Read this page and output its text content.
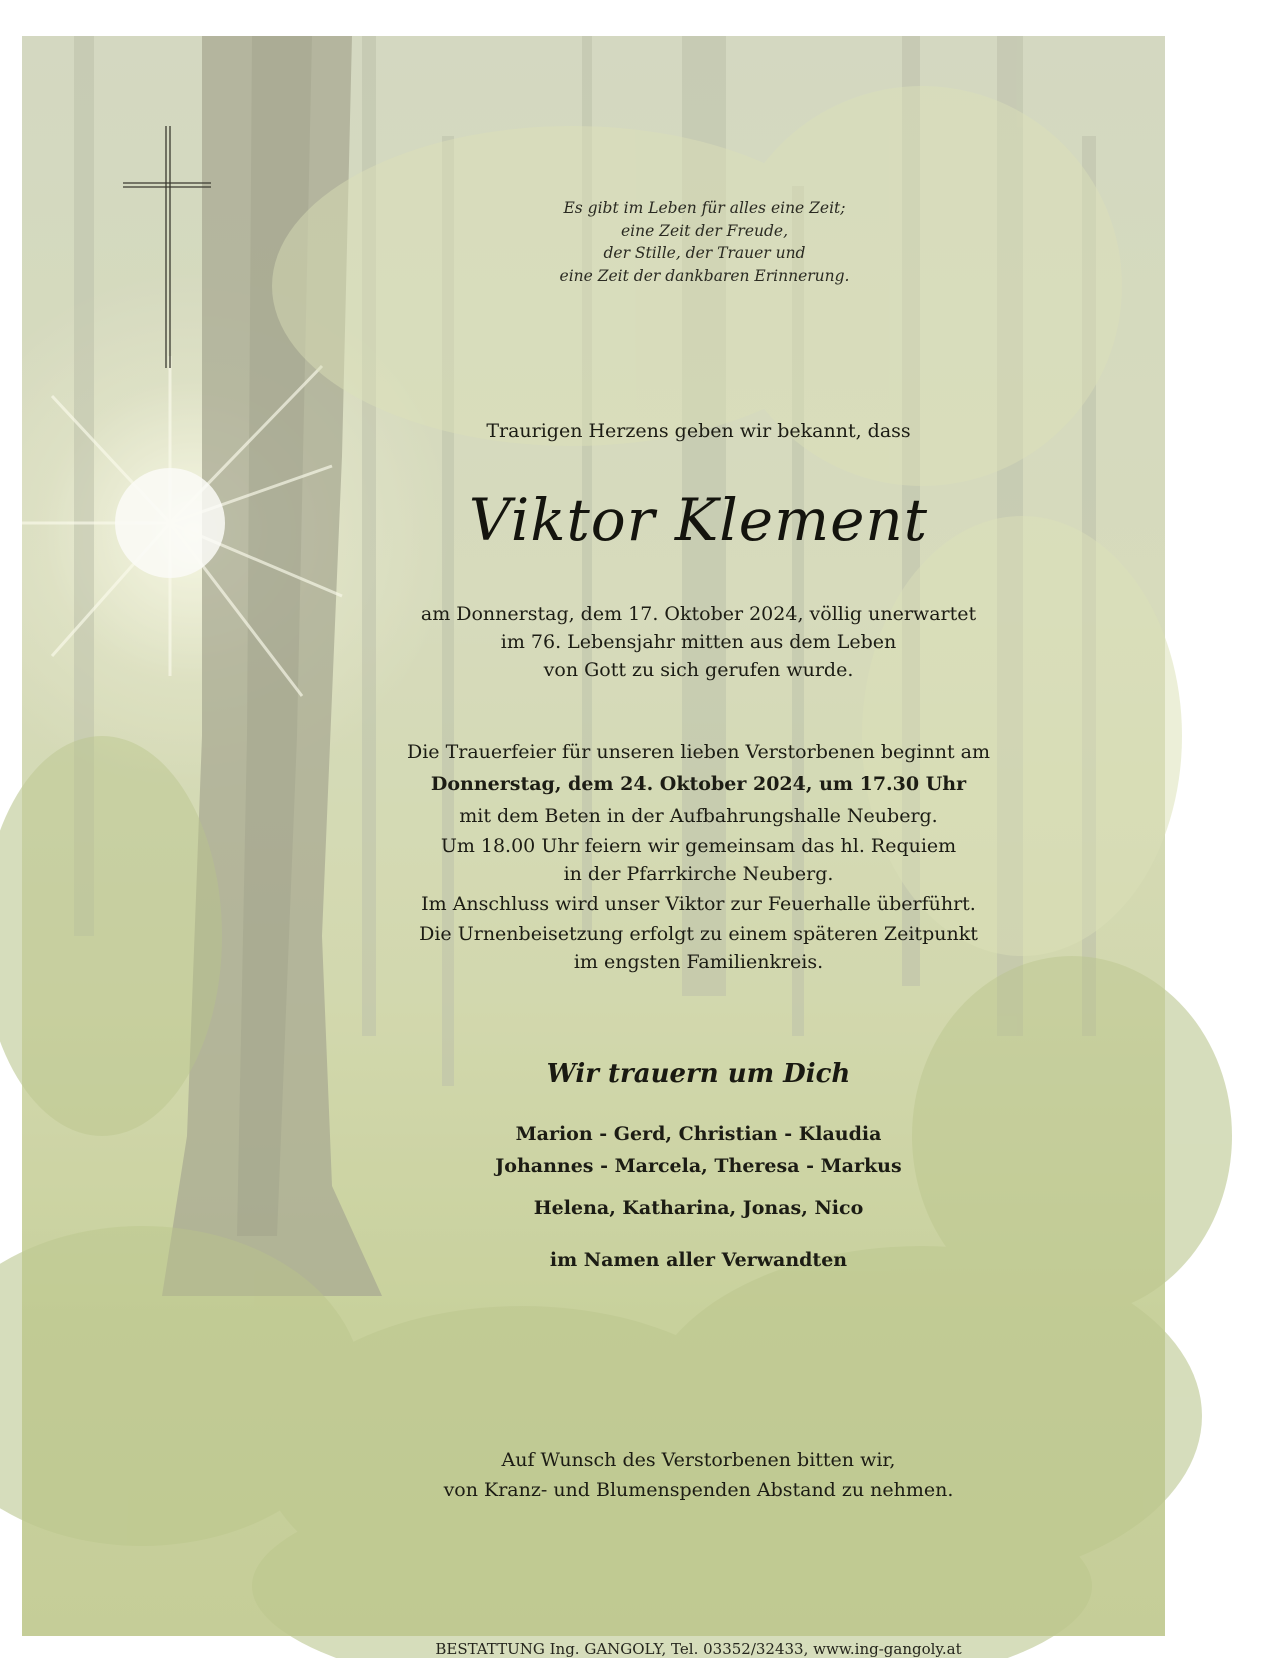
Es gibt im Leben für alles eine Zeit;
eine Zeit der Freude,
der Stille, der Trauer und
eine Zeit der dankbaren Erinnerung.
Traurigen Herzens geben wir bekannt, dass
Viktor Klement
am Donnerstag, dem 17. Oktober 2024, völlig unerwartet
im 76. Lebensjahr mitten aus dem Leben
von Gott zu sich gerufen wurde.
Die Trauerfeier für unseren lieben Verstorbenen beginnt am
Donnerstag, dem 24. Oktober 2024, um 17.30 Uhr
mit dem Beten in der Aufbahrungshalle Neuberg.
Um 18.00 Uhr feiern wir gemeinsam das hl. Requiem
in der Pfarrkirche Neuberg.
Im Anschluss wird unser Viktor zur Feuerhalle überführt.
Die Urnenbeisetzung erfolgt zu einem späteren Zeitpunkt
im engsten Familienkreis.
Wir trauern um Dich
Marion - Gerd, Christian - Klaudia
Johannes - Marcela, Theresa - Markus
Helena, Katharina, Jonas, Nico
im Namen aller Verwandten
Auf Wunsch des Verstorbenen bitten wir,
von Kranz- und Blumenspenden Abstand zu nehmen.
BESTATTUNG Ing. GANGOLY, Tel. 03352/32433, www.ing-gangoly.at
